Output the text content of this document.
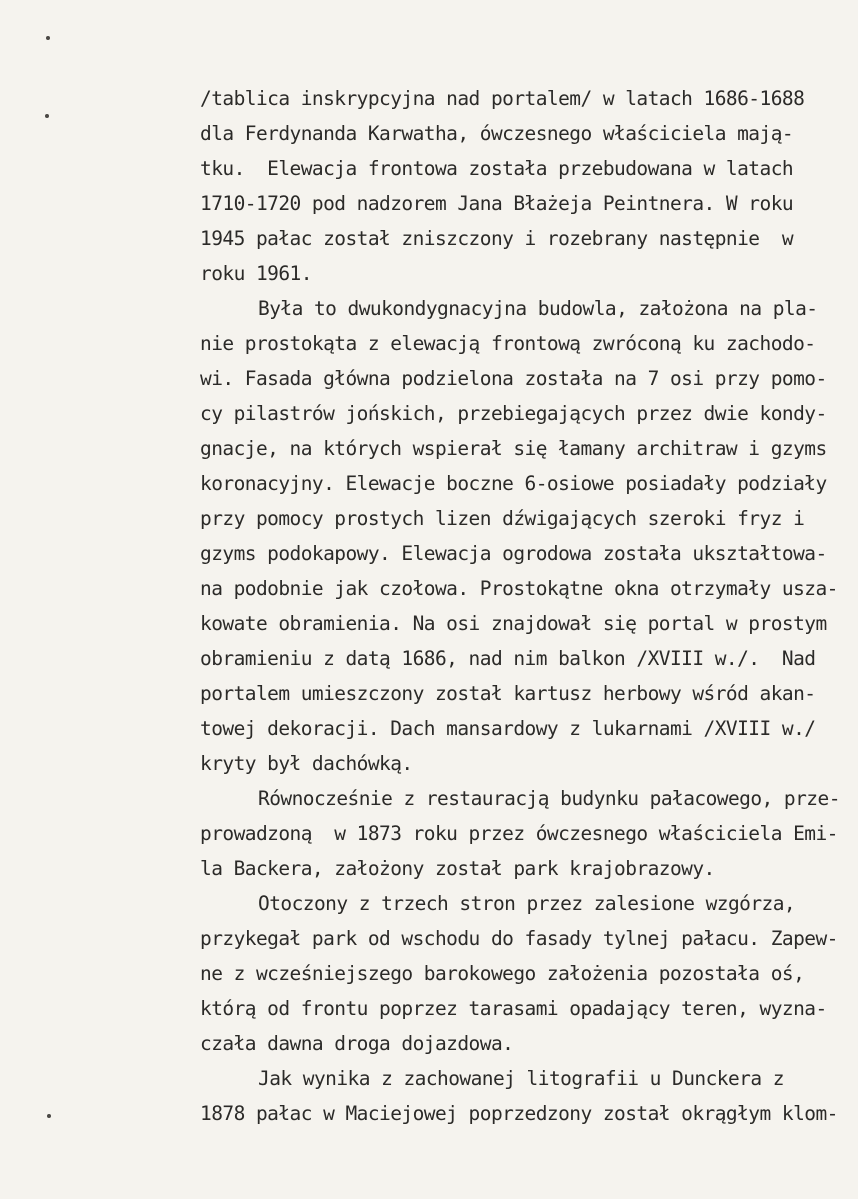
/tablica inskrypcyjna nad portalem/ w latach 1686-1688
dla Ferdynanda Karwatha, ówczesnego właściciela mają-
tku.  Elewacja frontowa została przebudowana w latach
1710-1720 pod nadzorem Jana Błażeja Peintnera. W roku
1945 pałac został zniszczony i rozebrany następnie  w
roku 1961.
Była to dwukondygnacyjna budowla, założona na pla-
nie prostokąta z elewacją frontową zwróconą ku zachodo-
wi. Fasada główna podzielona została na 7 osi przy pomo-
cy pilastrów jońskich, przebiegających przez dwie kondy-
gnacje, na których wspierał się łamany architraw i gzyms
koronacyjny. Elewacje boczne 6-osiowe posiadały podziały
przy pomocy prostych lizen dźwigających szeroki fryz i
gzyms podokapowy. Elewacja ogrodowa została ukształtowa-
na podobnie jak czołowa. Prostokątne okna otrzymały usza-
kowate obramienia. Na osi znajdował się portal w prostym
obramieniu z datą 1686, nad nim balkon /XVIII w./.  Nad
portalem umieszczony został kartusz herbowy wśród akan-
towej dekoracji. Dach mansardowy z lukarnami /XVIII w./
kryty był dachówką.
Równocześnie z restauracją budynku pałacowego, prze-
prowadzoną  w 1873 roku przez ówczesnego właściciela Emi-
la Backera, założony został park krajobrazowy.
Otoczony z trzech stron przez zalesione wzgórza,
przykegał park od wschodu do fasady tylnej pałacu. Zapew-
ne z wcześniejszego barokowego założenia pozostała oś,
którą od frontu poprzez tarasami opadający teren, wyzna-
czała dawna droga dojazdowa.
Jak wynika z zachowanej litografii u Dunckera z
1878 pałac w Maciejowej poprzedzony został okrągłym klom-
